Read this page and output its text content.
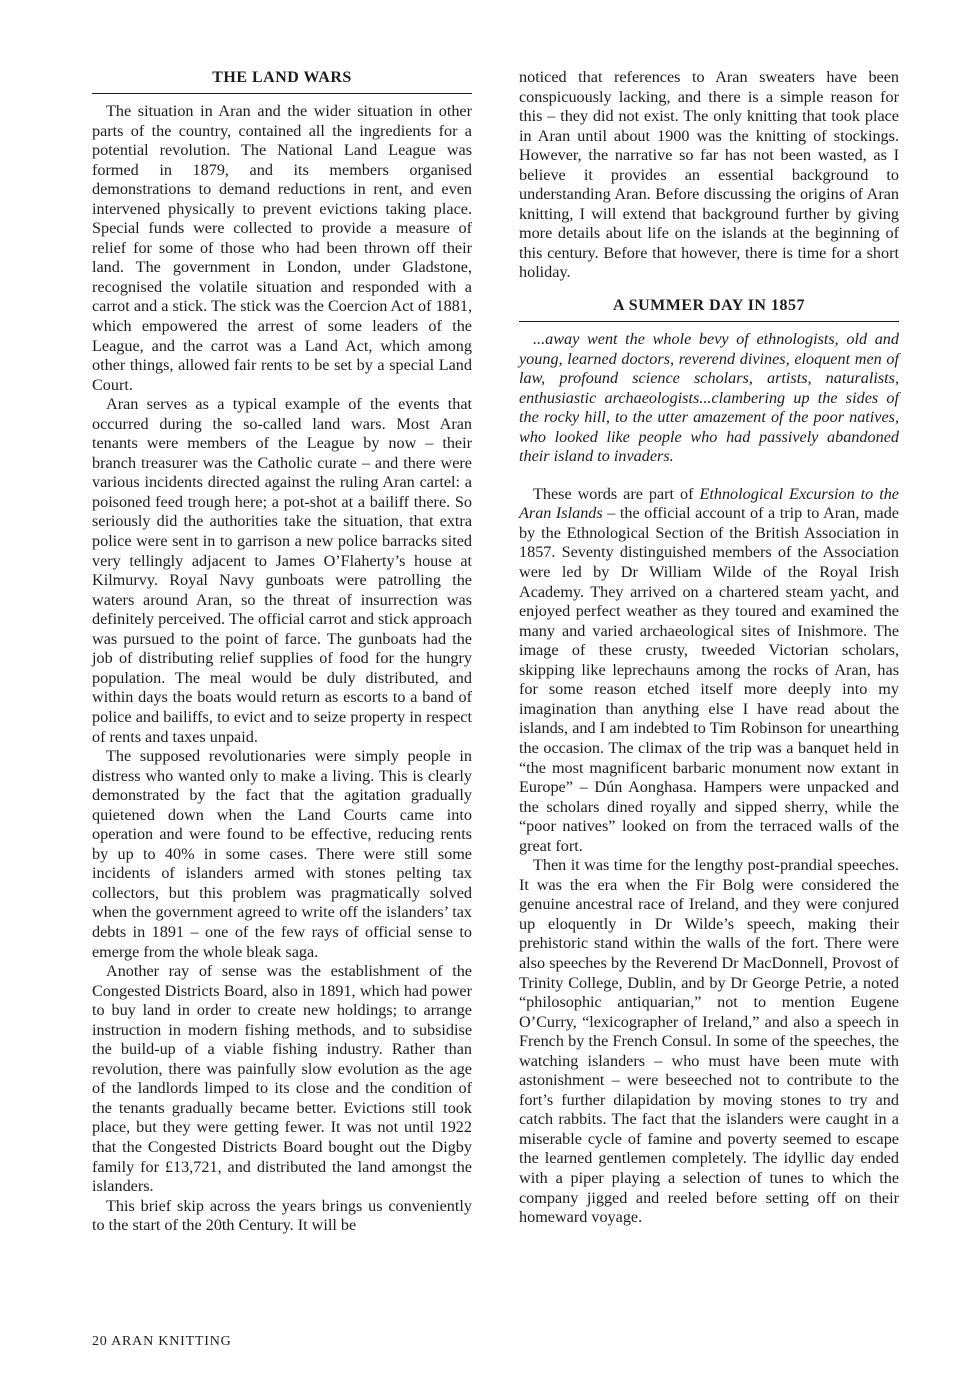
THE LAND WARS

The situation in Aran and the wider situation in other parts of the country, contained all the ingredients for a potential revolution. The National Land League was formed in 1879, and its members organised demonstrations to demand reductions in rent, and even intervened physically to prevent evictions taking place. Special funds were collected to provide a measure of relief for some of those who had been thrown off their land. The government in London, under Gladstone, recognised the volatile situation and responded with a carrot and a stick. The stick was the Coercion Act of 1881, which empowered the arrest of some leaders of the League, and the carrot was a Land Act, which among other things, allowed fair rents to be set by a special Land Court.

Aran serves as a typical example of the events that occurred during the so-called land wars. Most Aran tenants were members of the League by now – their branch treasurer was the Catholic curate – and there were various incidents directed against the ruling Aran cartel: a poisoned feed trough here; a pot-shot at a bailiff there. So seriously did the authorities take the situation, that extra police were sent in to garrison a new police barracks sited very tellingly adjacent to James O’Flaherty’s house at Kilmurvy. Royal Navy gunboats were patrolling the waters around Aran, so the threat of insurrection was definitely perceived. The official carrot and stick approach was pursued to the point of farce. The gunboats had the job of distributing relief supplies of food for the hungry population. The meal would be duly distributed, and within days the boats would return as escorts to a band of police and bailiffs, to evict and to seize property in respect of rents and taxes unpaid.

The supposed revolutionaries were simply people in distress who wanted only to make a living. This is clearly demonstrated by the fact that the agitation gradually quietened down when the Land Courts came into operation and were found to be effective, reducing rents by up to 40% in some cases. There were still some incidents of islanders armed with stones pelting tax collectors, but this problem was pragmatically solved when the government agreed to write off the islanders’ tax debts in 1891 – one of the few rays of official sense to emerge from the whole bleak saga.

Another ray of sense was the establishment of the Congested Districts Board, also in 1891, which had power to buy land in order to create new holdings; to arrange instruction in modern fishing methods, and to subsidise the build-up of a viable fishing industry. Rather than revolution, there was painfully slow evolution as the age of the landlords limped to its close and the condition of the tenants gradually became better. Evictions still took place, but they were getting fewer. It was not until 1922 that the Congested Districts Board bought out the Digby family for £13,721, and distributed the land amongst the islanders.

This brief skip across the years brings us conveniently to the start of the 20th Century. It will be

noticed that references to Aran sweaters have been conspicuously lacking, and there is a simple reason for this – they did not exist. The only knitting that took place in Aran until about 1900 was the knitting of stockings. However, the narrative so far has not been wasted, as I believe it provides an essential background to understanding Aran. Before discussing the origins of Aran knitting, I will extend that background further by giving more details about life on the islands at the beginning of this century. Before that however, there is time for a short holiday.

A SUMMER DAY IN 1857

...away went the whole bevy of ethnologists, old and young, learned doctors, reverend divines, eloquent men of law, profound science scholars, artists, naturalists, enthusiastic archaeologists...clambering up the sides of the rocky hill, to the utter amazement of the poor natives, who looked like people who had passively abandoned their island to invaders.

These words are part of Ethnological Excursion to the Aran Islands – the official account of a trip to Aran, made by the Ethnological Section of the British Association in 1857. Seventy distinguished members of the Association were led by Dr William Wilde of the Royal Irish Academy. They arrived on a chartered steam yacht, and enjoyed perfect weather as they toured and examined the many and varied archaeological sites of Inishmore. The image of these crusty, tweeded Victorian scholars, skipping like leprechauns among the rocks of Aran, has for some reason etched itself more deeply into my imagination than anything else I have read about the islands, and I am indebted to Tim Robinson for unearthing the occasion. The climax of the trip was a banquet held in “the most magnificent barbaric monument now extant in Europe” – Dún Aonghasa. Hampers were unpacked and the scholars dined royally and sipped sherry, while the “poor natives” looked on from the terraced walls of the great fort.

Then it was time for the lengthy post-prandial speeches. It was the era when the Fir Bolg were considered the genuine ancestral race of Ireland, and they were conjured up eloquently in Dr Wilde’s speech, making their prehistoric stand within the walls of the fort. There were also speeches by the Reverend Dr MacDonnell, Provost of Trinity College, Dublin, and by Dr George Petrie, a noted “philosophic antiquarian,” not to mention Eugene O’Curry, “lexicographer of Ireland,” and also a speech in French by the French Consul. In some of the speeches, the watching islanders – who must have been mute with astonishment – were beseeched not to contribute to the fort’s further dilapidation by moving stones to try and catch rabbits. The fact that the islanders were caught in a miserable cycle of famine and poverty seemed to escape the learned gentlemen completely. The idyllic day ended with a piper playing a selection of tunes to which the company jigged and reeled before setting off on their homeward voyage.

20 ARAN KNITTING
